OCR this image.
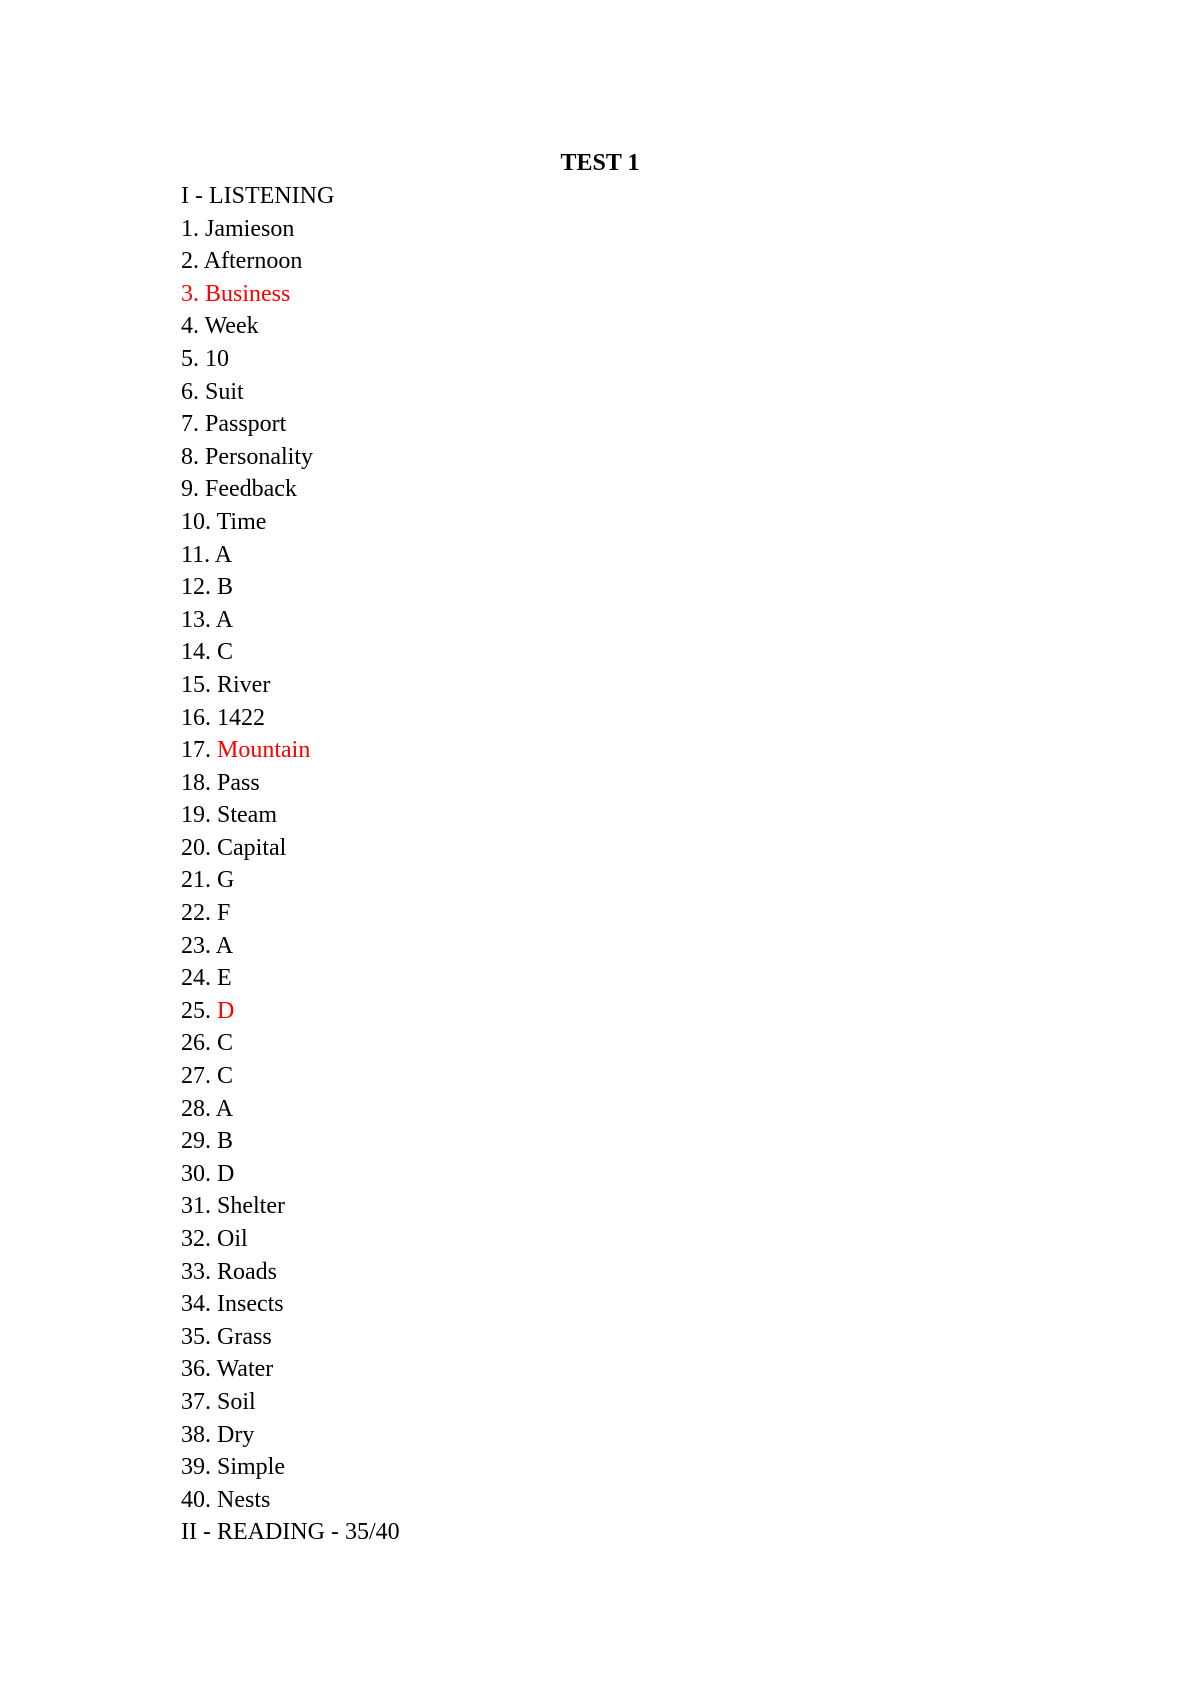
TEST 1
I - LISTENING
1. Jamieson
2. Afternoon
3. Business
4. Week
5. 10
6. Suit
7. Passport
8. Personality
9. Feedback
10. Time
11. A
12. B
13. A
14. C
15. River
16. 1422
17. Mountain
18. Pass
19. Steam
20. Capital
21. G
22. F
23. A
24. E
25. D
26. C
27. C
28. A
29. B
30. D
31. Shelter
32. Oil
33. Roads
34. Insects
35. Grass
36. Water
37. Soil
38. Dry
39. Simple
40. Nests
II - READING - 35/40
